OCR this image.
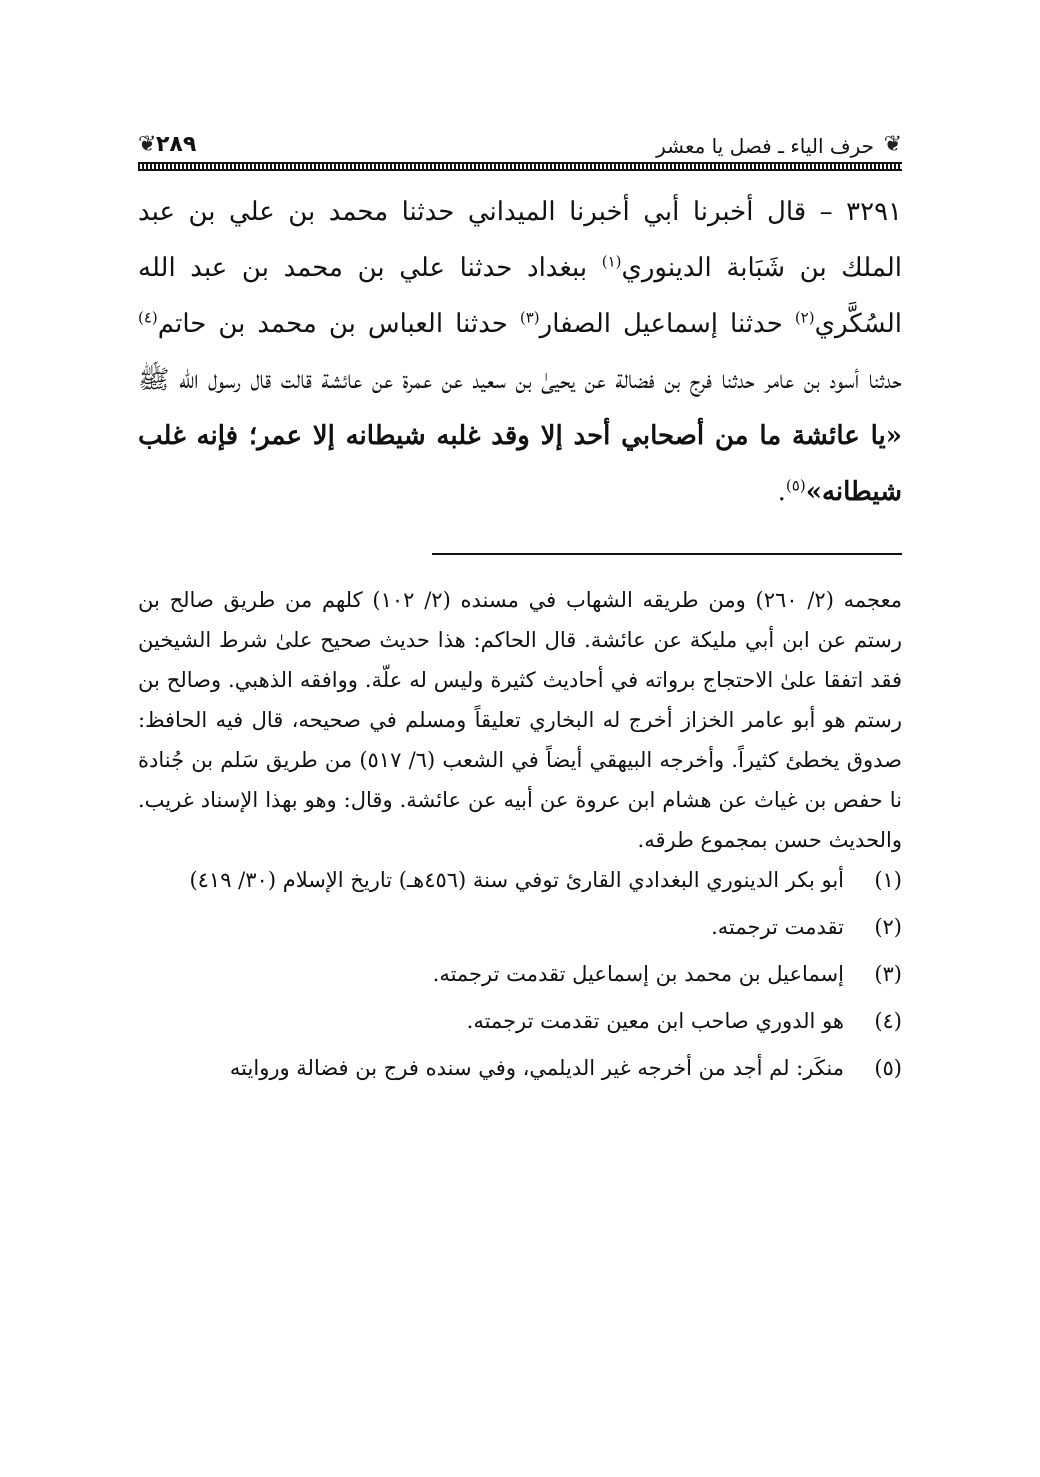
❦
حرف الياء ـ فصل يا معشر
٢٨٩
❦

٣٢٩١ – قال أخبرنا أبي أخبرنا الميداني حدثنا محمد بن علي بن عبد الملك بن شَبَابة الدينوري$^{(١)}$ ببغداد حدثنا علي بن محمد بن عبد الله السُكَّري$^{(٢)}$ حدثنا إسماعيل الصفار$^{(٣)}$ حدثنا العباس بن محمد بن حاتم$^{(٤)}$ حدثنا أسود بن عامر حدثنا فرج بن فضالة عن يحيىٰ بن سعيد عن عمرة عن عائشة قالت قال رسول الله ﷺ «يا عائشة ما من أصحابي أحد إلا وقد غلبه شيطانه إلا عمر؛ فإنه غلب شيطانه»$^{(٥)}$.

معجمه (٢/ ٢٦٠) ومن طريقه الشهاب في مسنده (٢/ ١٠٢) كلهم من طريق صالح بن رستم عن ابن أبي مليكة عن عائشة. قال الحاكم: هذا حديث صحيح علىٰ شرط الشيخين فقد اتفقا علىٰ الاحتجاج برواته في أحاديث كثيرة وليس له علّة. ووافقه الذهبي. وصالح بن رستم هو أبو عامر الخزاز أخرج له البخاري تعليقاً ومسلم في صحيحه، قال فيه الحافظ: صدوق يخطئ كثيراً. وأخرجه البيهقي أيضاً في الشعب (٦/ ٥١٧) من طريق سَلم بن جُنادة نا حفص بن غياث عن هشام ابن عروة عن أبيه عن عائشة. وقال: وهو بهذا الإسناد غريب. والحديث حسن بمجموع طرقه.

(١)
أبو بكر الدينوري البغدادي القارئ توفي سنة (٤٥٦هـ) تاريخ الإسلام (٣٠/ ٤١٩)
(٢)
تقدمت ترجمته.
(٣)
إسماعيل بن محمد بن إسماعيل تقدمت ترجمته.
(٤)
هو الدوري صاحب ابن معين تقدمت ترجمته.
(٥)
منكَر: لم أجد من أخرجه غير الديلمي، وفي سنده فرج بن فضالة وروايته
